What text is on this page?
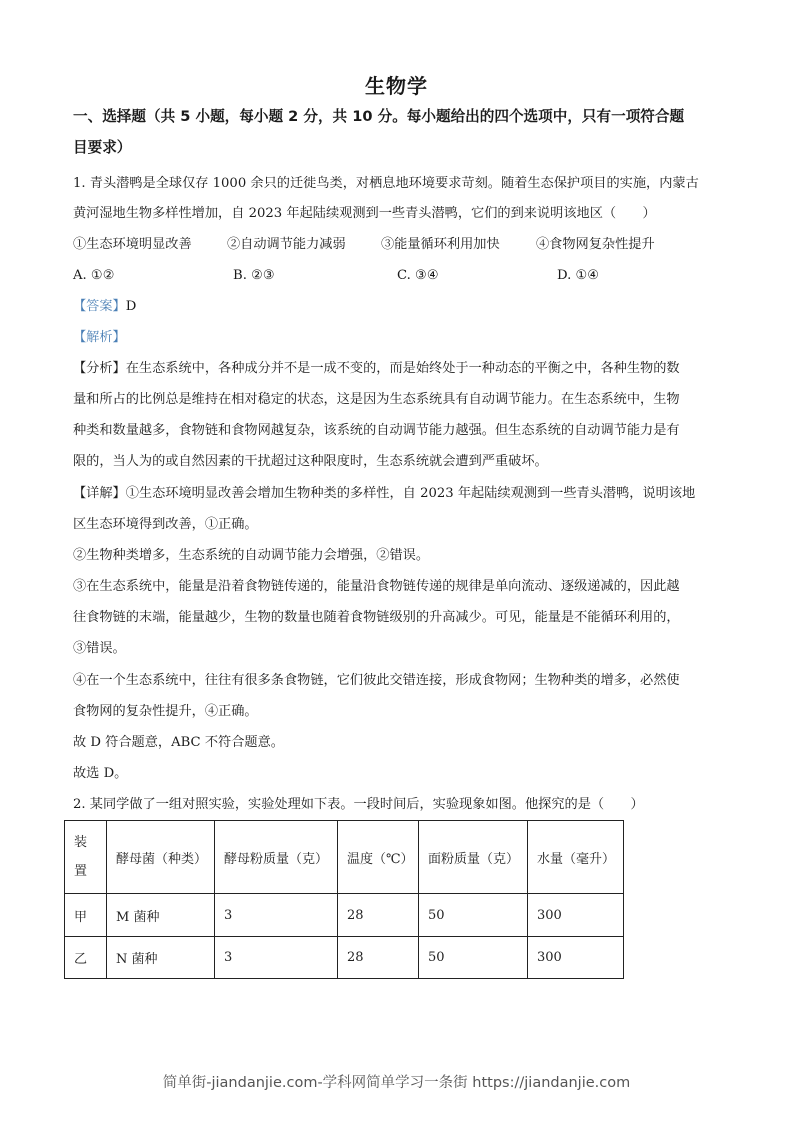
生物学
一、选择题（共 5 小题，每小题 2 分，共 10 分。每小题给出的四个选项中，只有一项符合题
目要求）
1. 青头潜鸭是全球仅存 1000 余只的迁徙鸟类，对栖息地环境要求苛刻。随着生态保护项目的实施，内蒙古
黄河湿地生物多样性增加，自 2023 年起陆续观测到一些青头潜鸭，它们的到来说明该地区（　　）
①生态环境明显改善	②自动调节能力减弱	③能量循环利用加快	④食物网复杂性提升
A. ①②	B. ②③	C. ③④	D. ①④
【答案】D
【解析】
【分析】在生态系统中，各种成分并不是一成不变的，而是始终处于一种动态的平衡之中，各种生物的数
量和所占的比例总是维持在相对稳定的状态，这是因为生态系统具有自动调节能力。在生态系统中，生物
种类和数量越多，食物链和食物网越复杂，该系统的自动调节能力越强。但生态系统的自动调节能力是有
限的，当人为的或自然因素的干扰超过这种限度时，生态系统就会遭到严重破坏。
【详解】①生态环境明显改善会增加生物种类的多样性，自 2023 年起陆续观测到一些青头潜鸭，说明该地
区生态环境得到改善，①正确。
②生物种类增多，生态系统的自动调节能力会增强，②错误。
③在生态系统中，能量是沿着食物链传递的，能量沿食物链传递的规律是单向流动、逐级递减的，因此越
往食物链的末端，能量越少，生物的数量也随着食物链级别的升高减少。可见，能量是不能循环利用的，
③错误。
④在一个生态系统中，往往有很多条食物链，它们彼此交错连接，形成食物网；生物种类的增多，必然使
食物网的复杂性提升，④正确。
故 D 符合题意，ABC 不符合题意。
故选 D。
2. 某同学做了一组对照实验，实验处理如下表。一段时间后，实验现象如图。他探究的是（　　）
装
置	酵母菌（种类）	酵母粉质量（克）	温度（℃）	面粉质量（克）	水量（毫升）
甲	M 菌种	3	28	50	300
乙	N 菌种	3	28	50	300
简单街-jiandanjie.com-学科网简单学习一条街 https://jiandanjie.com
